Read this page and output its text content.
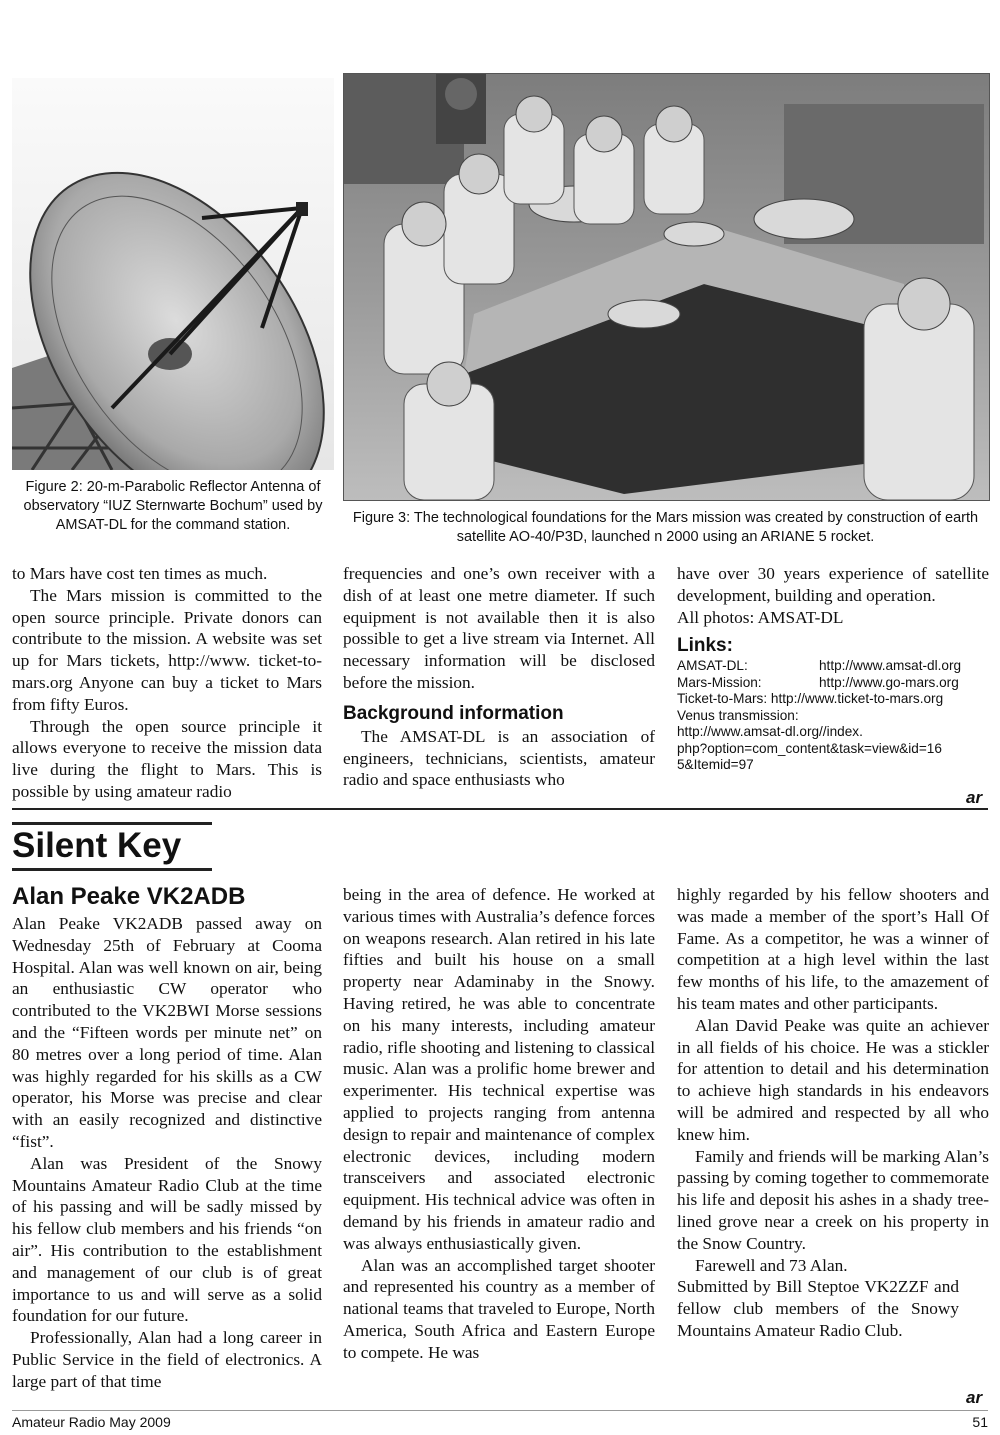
Figure 2: 20-m-Parabolic Reflector Antenna of observatory “IUZ Sternwarte Bochum” used by AMSAT-DL for the command station.	Figure 3: The technological foundations for the Mars mission was created by construction of earth satellite AO-40/P3D, launched n 2000 using an ARIANE 5 rocket.

to Mars have cost ten times as much.

The Mars mission is committed to the open source principle. Private donors can contribute to the mission. A website was set up for Mars tickets, http://www. ticket-to-mars.org Anyone can buy a ticket to Mars from fifty Euros.

Through the open source principle it allows everyone to receive the mission data live during the flight to Mars. This is possible by using amateur radio

frequencies and one’s own receiver with a dish of at least one metre diameter. If such equipment is not available then it is also possible to get a live stream via Internet. All necessary information will be disclosed before the mission.

Background information

The AMSAT-DL is an association of engineers, technicians, scientists, amateur radio and space enthusiasts who

have over 30 years experience of satellite development, building and operation.

All photos: AMSAT-DL

Links:
AMSAT-DL:	http://www.amsat-dl.org
Mars-Mission:	http://www.go-mars.org
Ticket-to-Mars: http://www.ticket-to-mars.org
Venus transmission:
http://www.amsat-dl.org//index.
php?option=com_content&task=view&id=16
5&Itemid=97
ar
Silent Key
Alan Peake VK2ADB

Alan Peake VK2ADB passed away on Wednesday 25th of February at Cooma Hospital. Alan was well known on air, being an enthusiastic CW operator who contributed to the VK2BWI Morse sessions and the “Fifteen words per minute net” on 80 metres over a long period of time. Alan was highly regarded for his skills as a CW operator, his Morse was precise and clear with an easily recognized and distinctive “fist”.

Alan was President of the Snowy Mountains Amateur Radio Club at the time of his passing and will be sadly missed by his fellow club members and his friends “on air”. His contribution to the establishment and management of our club is of great importance to us and will serve as a solid foundation for our future.

Professionally, Alan had a long career in Public Service in the field of electronics. A large part of that time

being in the area of defence. He worked at various times with Australia’s defence forces on weapons research. Alan retired in his late fifties and built his house on a small property near Adaminaby in the Snowy. Having retired, he was able to concentrate on his many interests, including amateur radio, rifle shooting and listening to classical music. Alan was a prolific home brewer and experimenter. His technical expertise was applied to projects ranging from antenna design to repair and maintenance of complex electronic devices, including modern transceivers and associated electronic equipment. His technical advice was often in demand by his friends in amateur radio and was always enthusiastically given.

Alan was an accomplished target shooter and represented his country as a member of national teams that traveled to Europe, North America, South Africa and Eastern Europe to compete. He was

highly regarded by his fellow shooters and was made a member of the sport’s Hall Of Fame. As a competitor, he was a winner of competition at a high level within the last few months of his life, to the amazement of his team mates and other participants.

Alan David Peake was quite an achiever in all fields of his choice. He was a stickler for attention to detail and his determination to achieve high standards in his endeavors will be admired and respected by all who knew him.

Family and friends will be marking Alan’s passing by coming together to commemorate his life and deposit his ashes in a shady tree-lined grove near a creek on his property in the Snow Country.

Farewell and 73 Alan.

Submitted by Bill Steptoe VK2ZZF and fellow club members of the Snowy Mountains Amateur Radio Club.

ar
Amateur Radio May 2009	51
